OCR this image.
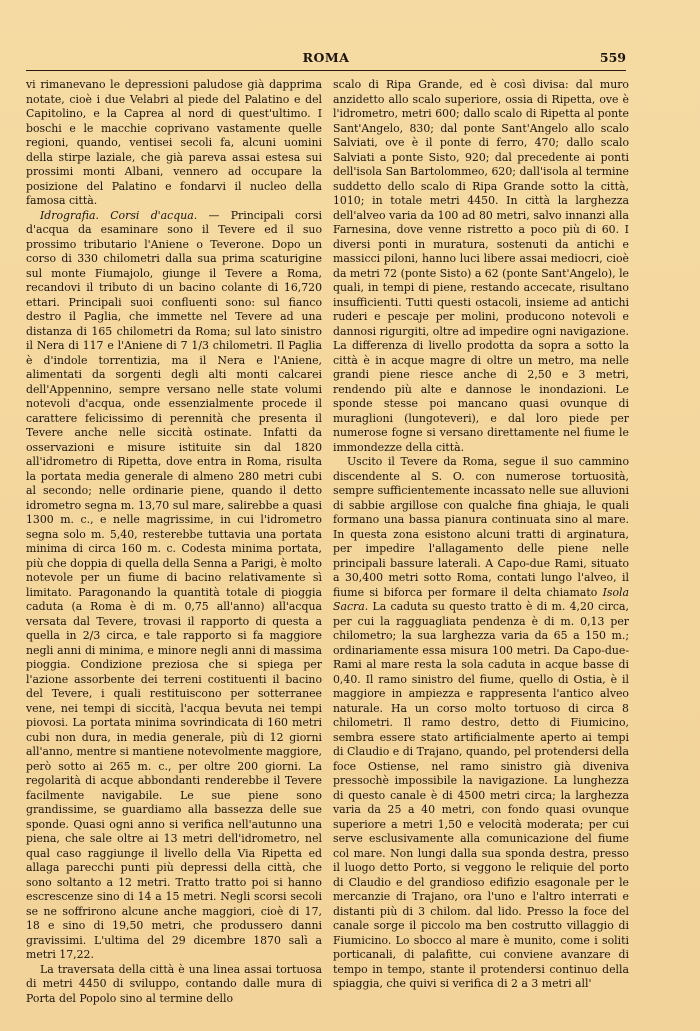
ROMA	559

vi rimanevano le depressioni paludose già dapprima notate, cioè i due Velabri al piede del Palatino e del Capitolino, e la Caprea al nord di quest'ultimo. I boschi e le macchie coprivano vastamente quelle regioni, quando, ventisei secoli fa, alcuni uomini della stirpe laziale, che già pareva assai estesa sui prossimi monti Albani, vennero ad occupare la posizione del Palatino e fondarvi il nucleo della famosa città.

Idrografia. Corsi d'acqua. — Principali corsi d'acqua da esaminare sono il Tevere ed il suo prossimo tributario l'Aniene o Teverone. Dopo un corso di 330 chilometri dalla sua prima scaturigine sul monte Fiumajolo, giunge il Tevere a Roma, recandovi il tributo di un bacino colante di 16,720 ettari. Principali suoi confluenti sono: sul fianco destro il Paglia, che immette nel Tevere ad una distanza di 165 chilometri da Roma; sul lato sinistro il Nera di 117 e l'Aniene di 7 1/3 chilometri. Il Paglia è d'indole torrentizia, ma il Nera e l'Aniene, alimentati da sorgenti degli alti monti calcarei dell'Appennino, sempre versano nelle state volumi notevoli d'acqua, onde essenzialmente procede il carattere felicissimo di perennità che presenta il Tevere anche nelle siccità ostinate. Infatti da osservazioni e misure istituite sin dal 1820 all'idrometro di Ripetta, dove entra in Roma, risulta la portata media generale di almeno 280 metri cubi al secondo; nelle ordinarie piene, quando il detto idrometro segna m. 13,70 sul mare, salirebbe a quasi 1300 m. c., e nelle magrissime, in cui l'idrometro segna solo m. 5,40, resterebbe tuttavia una portata minima di circa 160 m. c. Codesta minima portata, più che doppia di quella della Senna a Parigi, è molto notevole per un fiume di bacino relativamente sì limitato. Paragonando la quantità totale di pioggia caduta (a Roma è di m. 0,75 all'anno) all'acqua versata dal Tevere, trovasi il rapporto di questa a quella in 2/3 circa, e tale rapporto si fa maggiore negli anni di minima, e minore negli anni di massima pioggia. Condizione preziosa che si spiega per l'azione assorbente dei terreni costituenti il bacino del Tevere, i quali restituiscono per sotterranee vene, nei tempi di siccità, l'acqua bevuta nei tempi piovosi. La portata minima sovrindicata di 160 metri cubi non dura, in media generale, più di 12 giorni all'anno, mentre si mantiene notevolmente maggiore, però sotto ai 265 m. c., per oltre 200 giorni. La regolarità di acque abbondanti renderebbe il Tevere facilmente navigabile. Le sue piene sono grandissime, se guardiamo alla bassezza delle sue sponde. Quasi ogni anno si verifica nell'autunno una piena, che sale oltre ai 13 metri dell'idrometro, nel qual caso raggiunge il livello della Via Ripetta ed allaga parecchi punti più depressi della città, che sono soltanto a 12 metri. Tratto tratto poi si hanno escrescenze sino di 14 a 15 metri. Negli scorsi secoli se ne soffrirono alcune anche maggiori, cioè di 17, 18 e sino di 19,50 metri, che produssero danni gravissimi. L'ultima del 29 dicembre 1870 salì a metri 17,22.

La traversata della città è una linea assai tortuosa di metri 4450 di sviluppo, contando dalle mura di Porta del Popolo sino al termine dello

scalo di Ripa Grande, ed è così divisa: dal muro anzidetto allo scalo superiore, ossia di Ripetta, ove è l'idrometro, metri 600; dallo scalo di Ripetta al ponte Sant'Angelo, 830; dal ponte Sant'Angelo allo scalo Salviati, ove è il ponte di ferro, 470; dallo scalo Salviati a ponte Sisto, 920; dal precedente ai ponti dell'isola San Bartolommeo, 620; dall'isola al termine suddetto dello scalo di Ripa Grande sotto la città, 1010; in totale metri 4450. In città la larghezza dell'alveo varia da 100 ad 80 metri, salvo innanzi alla Farnesina, dove venne ristretto a poco più di 60. I diversi ponti in muratura, sostenuti da antichi e massicci piloni, hanno luci libere assai mediocri, cioè da metri 72 (ponte Sisto) a 62 (ponte Sant'Angelo), le quali, in tempi di piene, restando accecate, risultano insufficienti. Tutti questi ostacoli, insieme ad antichi ruderi e pescaje per molini, producono notevoli e dannosi rigurgiti, oltre ad impedire ogni navigazione. La differenza di livello prodotta da sopra a sotto la città è in acque magre di oltre un metro, ma nelle grandi piene riesce anche di 2,50 e 3 metri, rendendo più alte e dannose le inondazioni. Le sponde stesse poi mancano quasi ovunque di muraglioni (lungoteveri), e dal loro piede per numerose fogne si versano direttamente nel fiume le immondezze della città.

Uscito il Tevere da Roma, segue il suo cammino discendente al S. O. con numerose tortuosità, sempre sufficientemente incassato nelle sue alluvioni di sabbie argillose con qualche fina ghiaja, le quali formano una bassa pianura continuata sino al mare. In questa zona esistono alcuni tratti di arginatura, per impedire l'allagamento delle piene nelle principali bassure laterali. A Capo-due Rami, situato a 30,400 metri sotto Roma, contati lungo l'alveo, il fiume si biforca per formare il delta chiamato Isola Sacra. La caduta su questo tratto è di m. 4,20 circa, per cui la ragguagliata pendenza è di m. 0,13 per chilometro; la sua larghezza varia da 65 a 150 m.; ordinariamente essa misura 100 metri. Da Capo-due-Rami al mare resta la sola caduta in acque basse di 0,40. Il ramo sinistro del fiume, quello di Ostia, è il maggiore in ampiezza e rappresenta l'antico alveo naturale. Ha un corso molto tortuoso di circa 8 chilometri. Il ramo destro, detto di Fiumicino, sembra essere stato artificialmente aperto ai tempi di Claudio e di Trajano, quando, pel protendersi della foce Ostiense, nel ramo sinistro già diveniva pressochè impossibile la navigazione. La lunghezza di questo canale è di 4500 metri circa; la larghezza varia da 25 a 40 metri, con fondo quasi ovunque superiore a metri 1,50 e velocità moderata; per cui serve esclusivamente alla comunicazione del fiume col mare. Non lungi dalla sua sponda destra, presso il luogo detto Porto, si veggono le reliquie del porto di Claudio e del grandioso edifizio esagonale per le mercanzie di Trajano, ora l'uno e l'altro interrati e distanti più di 3 chilom. dal lido. Presso la foce del canale sorge il piccolo ma ben costrutto villaggio di Fiumicino. Lo sbocco al mare è munito, come i soliti porticanali, di palafitte, cui conviene avanzare di tempo in tempo, stante il protendersi continuo della spiaggia, che quivi si verifica di 2 a 3 metri all'
